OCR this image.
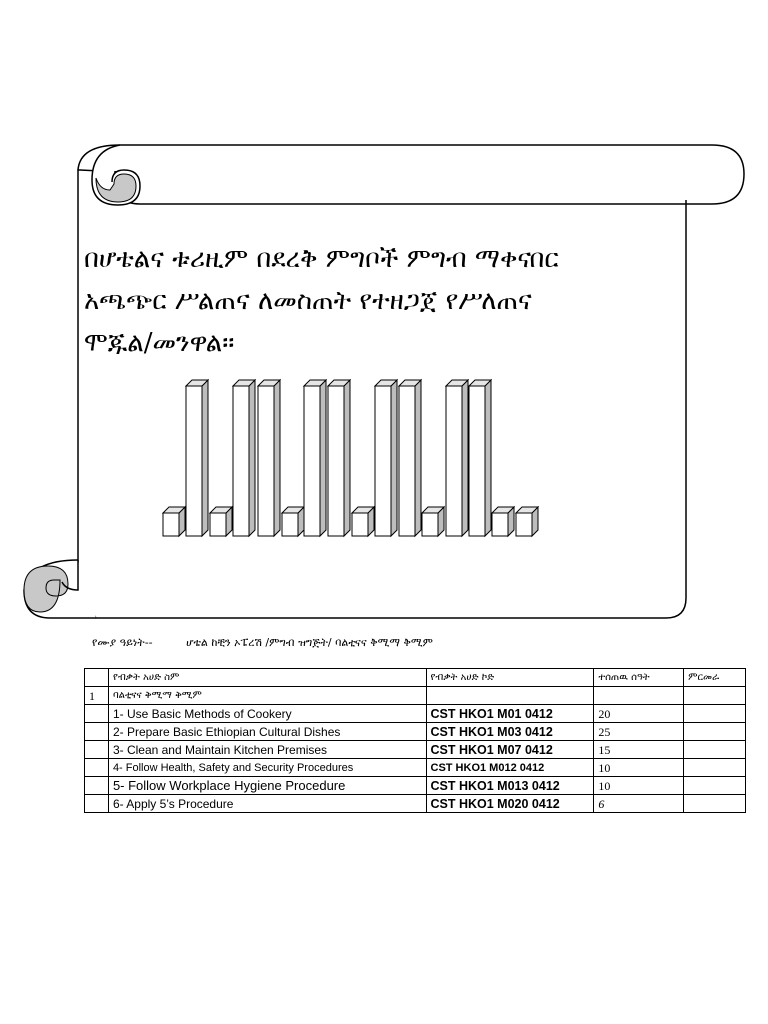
በሆቴልና ቱሪዚም በደረቅ ምግቦች ምግብ ማቀናበር
አጫጭር ሥልጠና ለመስጠት የተዘጋጀ የሥለጠና
ሞጁል/መንዋል።
የሙያ ዓይነት--	ሆቴል ከቺን ኦፔረሽ /ምግብ ዝግጅት/ ባልቲናና ቅሚማ ቅሚም
	የብቃት አሀድ ስም	የብቃት አሀድ ኮድ	ተሰጠዉ ሰዓት	ምርመራ
1	ባልቲናና ቅሚማ ቅሚም			
	1- Use Basic Methods of Cookery	CST HKO1 M01 0412	20	
	2- Prepare Basic Ethiopian Cultural Dishes	CST HKO1 M03 0412	25	
	3- Clean and Maintain Kitchen Premises	CST HKO1 M07 0412	15	
	4- Follow Health, Safety and Security Procedures	CST HKO1 M012 0412	10	
	5- Follow Workplace Hygiene Procedure	CST HKO1 M013 0412	10	
	6- Apply 5’s Procedure	CST HKO1 M020 0412	6	
